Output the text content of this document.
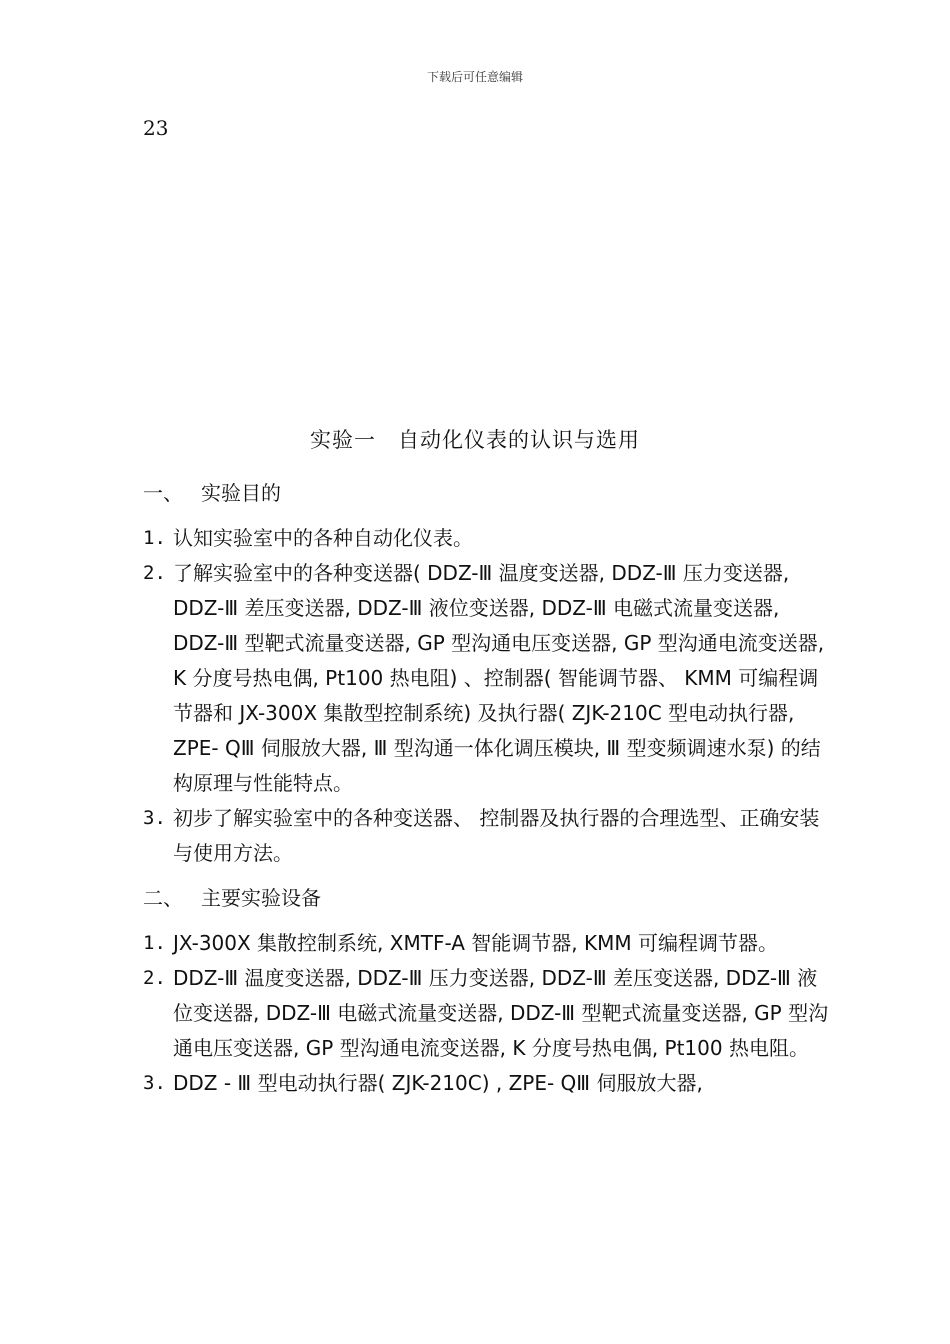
下载后可任意编辑
23
实验一　自动化仪表的认识与选用
一、 实验目的
1. 认知实验室中的各种自动化仪表。
2. 了解实验室中的各种变送器( DDZ-Ⅲ 温度变送器, DDZ-Ⅲ 压力变送器, DDZ-Ⅲ 差压变送器, DDZ-Ⅲ 液位变送器, DDZ-Ⅲ 电磁式流量变送器, DDZ-Ⅲ 型靶式流量变送器, GP 型沟通电压变送器, GP 型沟通电流变送器, K 分度号热电偶, Pt100 热电阻) 、控制器( 智能调节器、 KMM 可编程调节器和 JX-300X 集散型控制系统) 及执行器( ZJK-210C 型电动执行器, ZPE- QⅢ 伺服放大器, Ⅲ 型沟通一体化调压模块, Ⅲ 型变频调速水泵) 的结构原理与性能特点。
3. 初步了解实验室中的各种变送器、 控制器及执行器的合理选型、正确安装与使用方法。
二、 主要实验设备
1. JX-300X 集散控制系统, XMTF-A 智能调节器, KMM 可编程调节器。
2. DDZ-Ⅲ 温度变送器, DDZ-Ⅲ 压力变送器, DDZ-Ⅲ 差压变送器, DDZ-Ⅲ 液位变送器, DDZ-Ⅲ 电磁式流量变送器, DDZ-Ⅲ 型靶式流量变送器, GP 型沟通电压变送器, GP 型沟通电流变送器, K 分度号热电偶, Pt100 热电阻。
3. DDZ - Ⅲ 型电动执行器( ZJK-210C) , ZPE- QⅢ 伺服放大器,
